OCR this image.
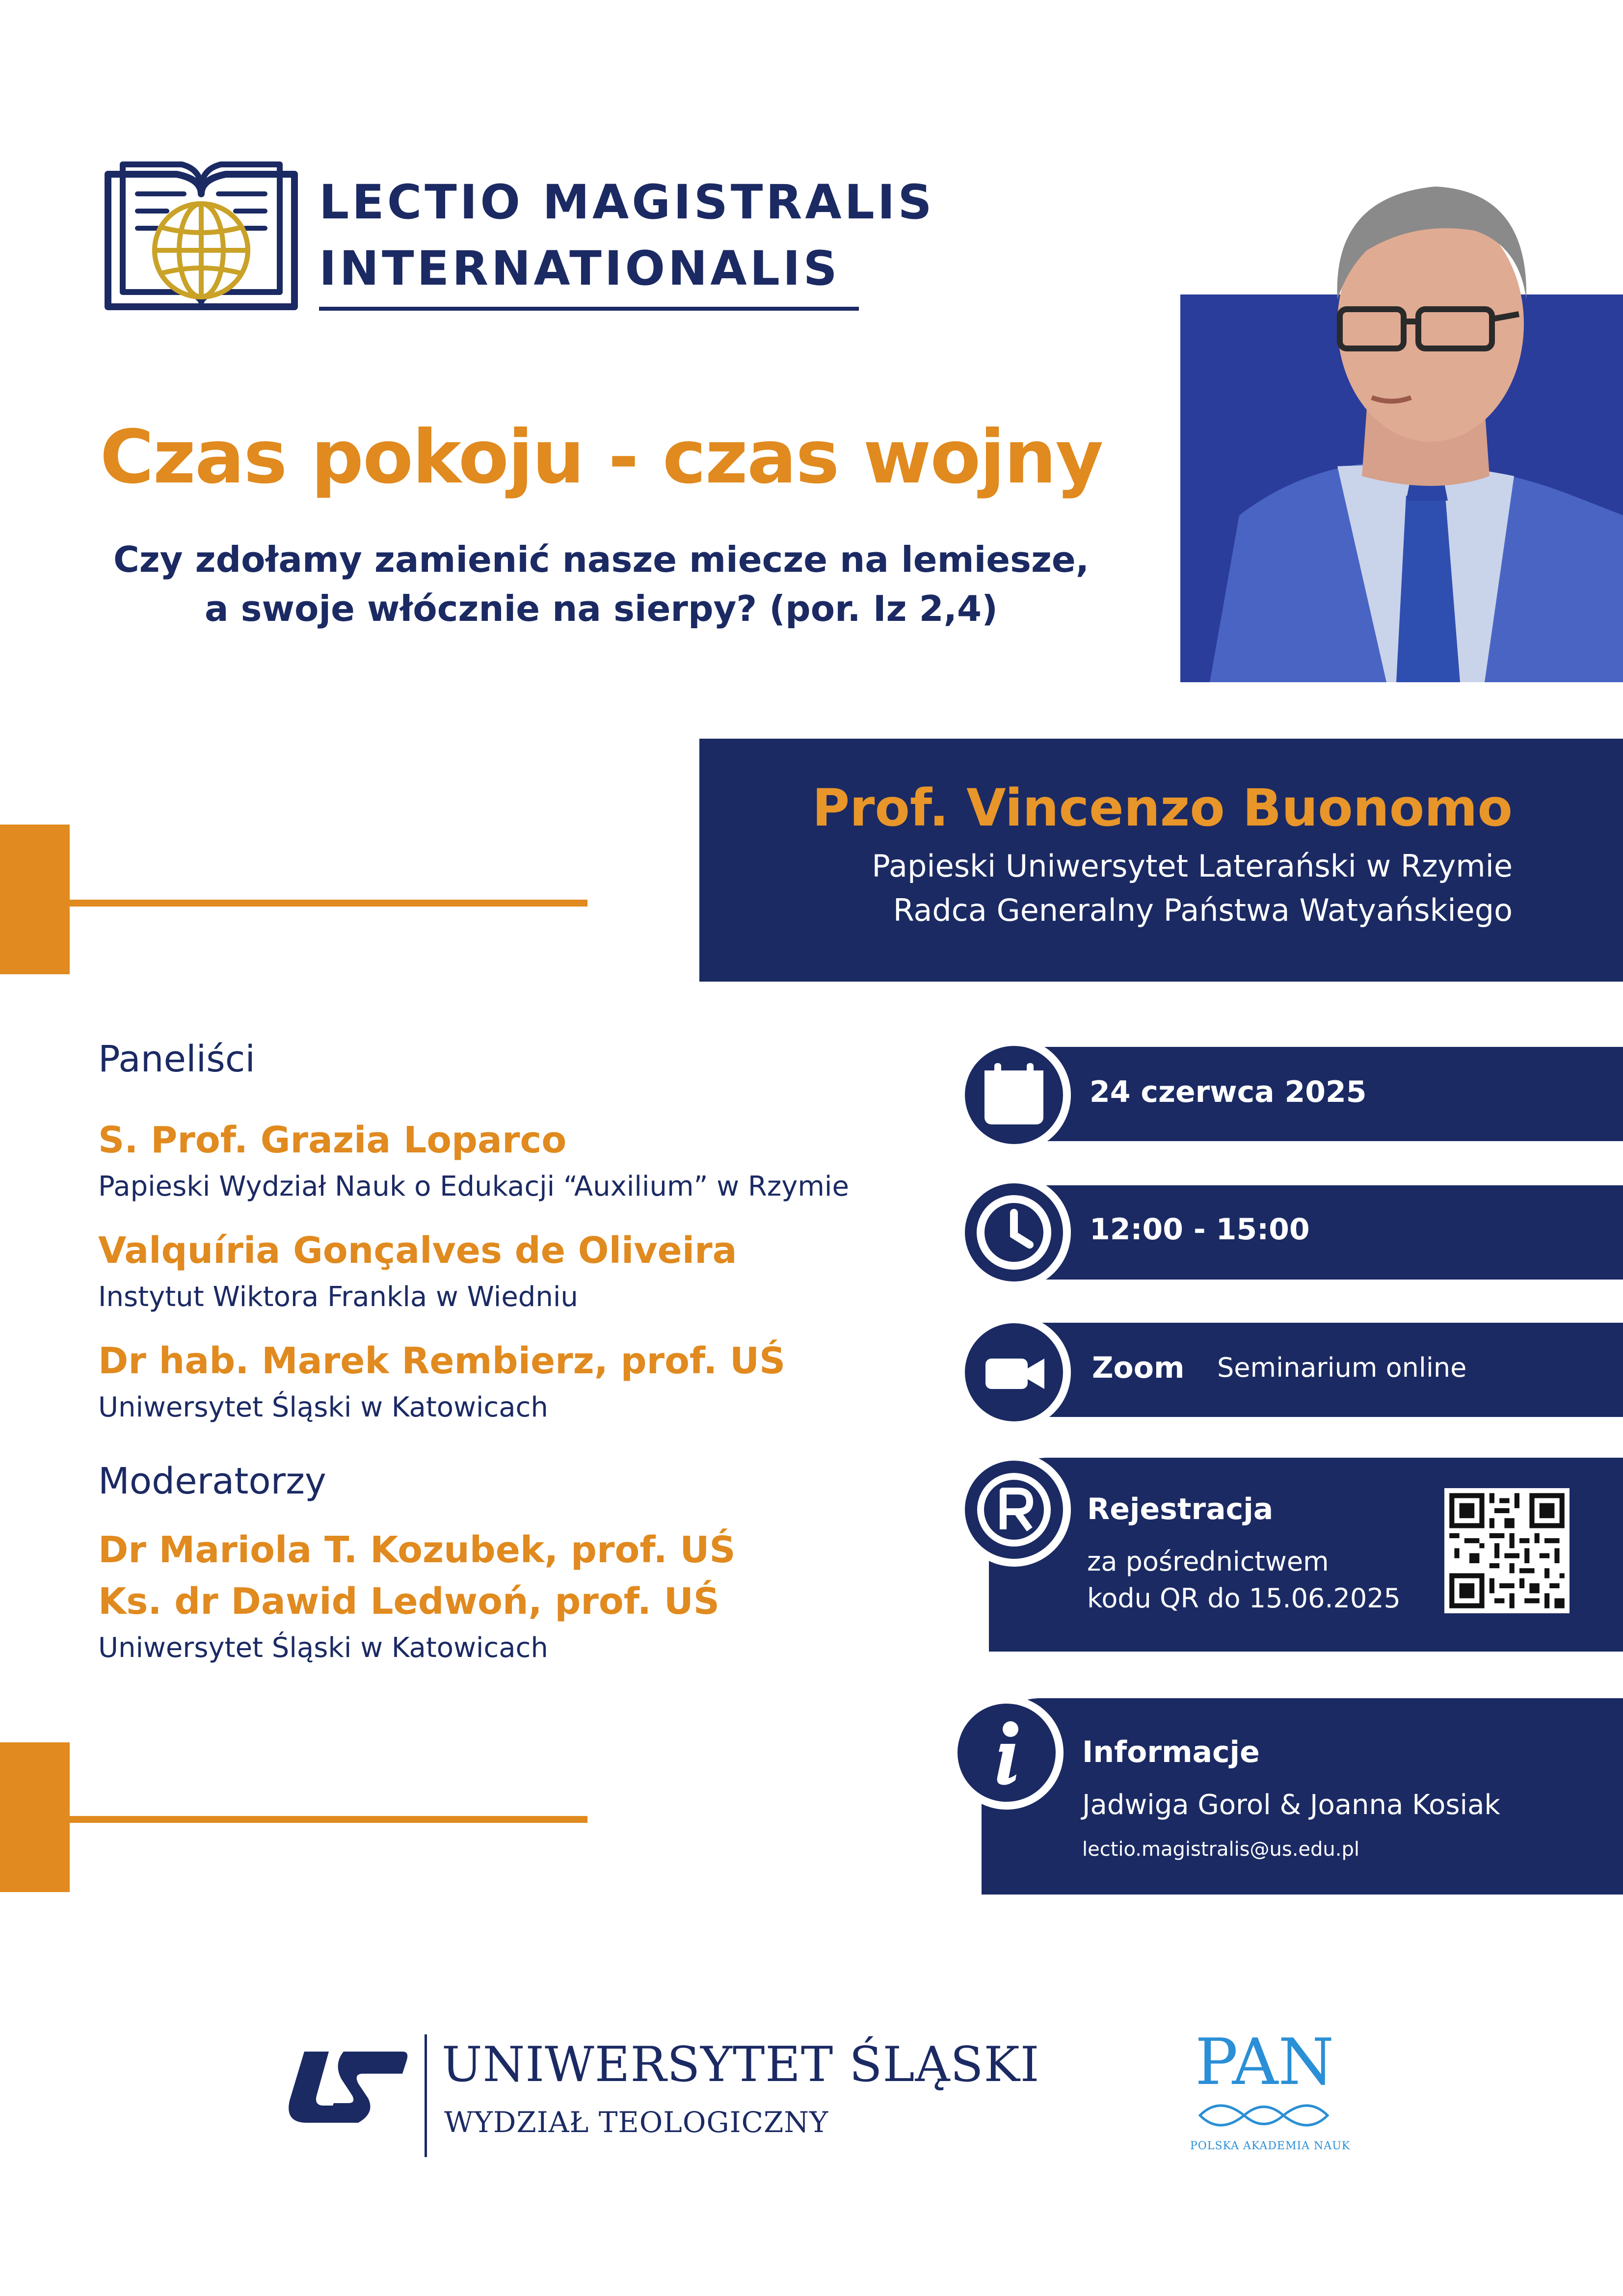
LECTIO MAGISTRALIS
INTERNATIONALIS
Czas pokoju - czas wojny
Czy zdołamy zamienić nasze miecze na lemiesze,
a swoje włócznie na sierpy? (por. Iz 2,4)
Prof. Vincenzo Buonomo
Papieski Uniwersytet Laterański w Rzymie
Radca Generalny Państwa Watyańskiego
Paneliści
S. Prof. Grazia Loparco
Papieski Wydział Nauk o Edukacji “Auxilium” w Rzymie
Valquíria Gonçalves de Oliveira
Instytut Wiktora Frankla w Wiedniu
Dr hab. Marek Rembierz, prof. UŚ
Uniwersytet Śląski w Katowicach
Moderatorzy
Dr Mariola T. Kozubek, prof. UŚ
Ks. dr Dawid Ledwoń, prof. UŚ
Uniwersytet Śląski w Katowicach
24 czerwca 2025
12:00 - 15:00
Zoom Seminarium online
Rejestracja
za pośrednictwem
kodu QR do 15.06.2025
Informacje
Jadwiga Gorol & Joanna Kosiak
lectio.magistralis@us.edu.pl
UNIWERSYTET ŚLĄSKI
WYDZIAŁ TEOLOGICZNY
PAN
POLSKA AKADEMIA NAUK
